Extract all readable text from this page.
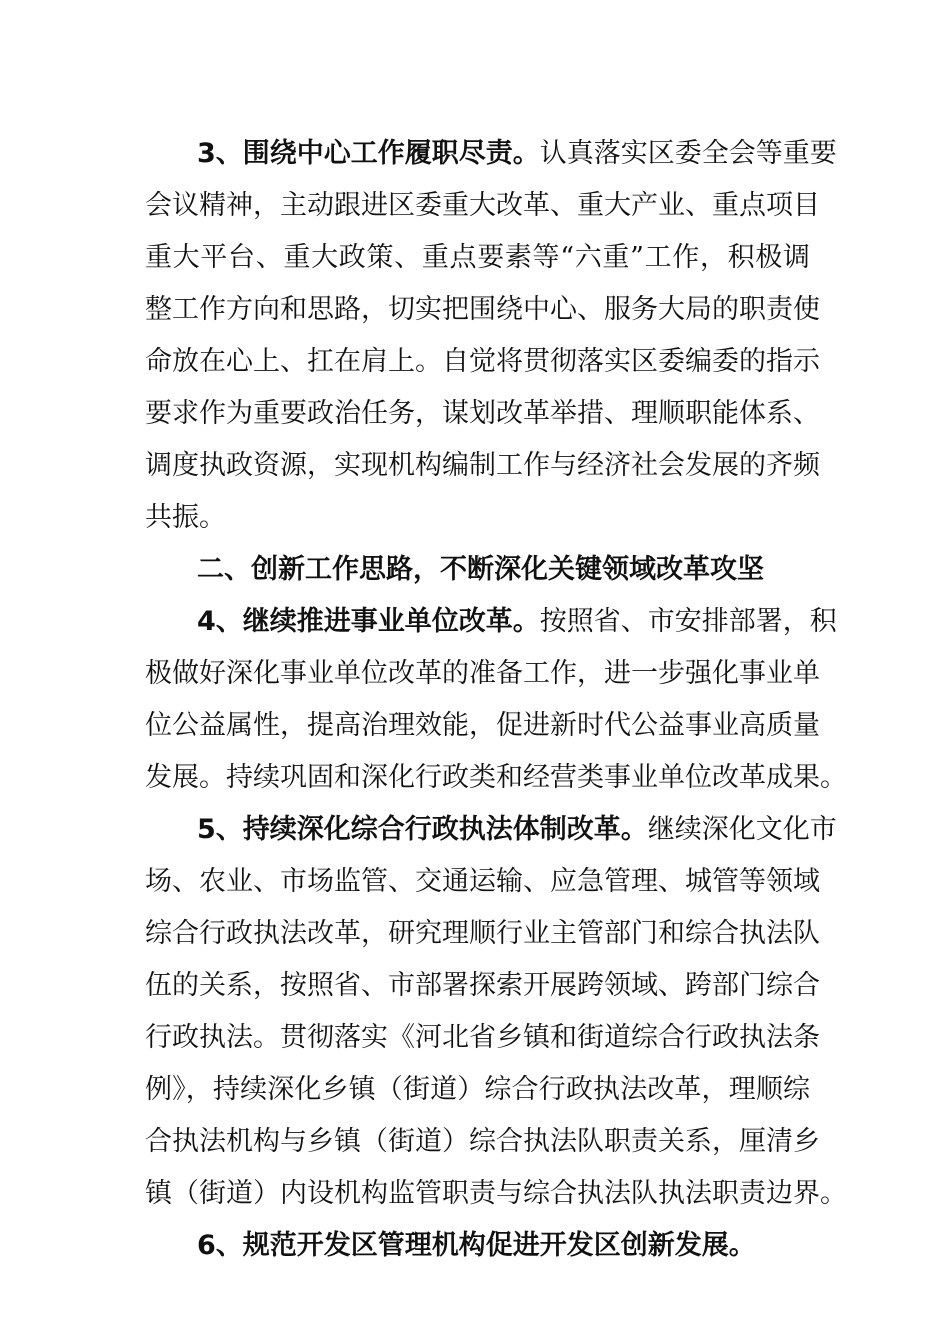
3、围绕中心工作履职尽责。认真落实区委全会等重要
会议精神，主动跟进区委重大改革、重大产业、重点项目
重大平台、重大政策、重点要素等“六重”工作，积极调
整工作方向和思路，切实把围绕中心、服务大局的职责使
命放在心上、扛在肩上。自觉将贯彻落实区委编委的指示
要求作为重要政治任务，谋划改革举措、理顺职能体系、
调度执政资源，实现机构编制工作与经济社会发展的齐频
共振。
二、创新工作思路，不断深化关键领域改革攻坚
4、继续推进事业单位改革。按照省、市安排部署，积
极做好深化事业单位改革的准备工作，进一步强化事业单
位公益属性，提高治理效能，促进新时代公益事业高质量
发展。持续巩固和深化行政类和经营类事业单位改革成果。
5、持续深化综合行政执法体制改革。继续深化文化市
场、农业、市场监管、交通运输、应急管理、城管等领域
综合行政执法改革，研究理顺行业主管部门和综合执法队
伍的关系，按照省、市部署探索开展跨领域、跨部门综合
行政执法。贯彻落实《河北省乡镇和街道综合行政执法条
例》，持续深化乡镇（街道）综合行政执法改革，理顺综
合执法机构与乡镇（街道）综合执法队职责关系，厘清乡
镇（街道）内设机构监管职责与综合执法队执法职责边界。
6、规范开发区管理机构促进开发区创新发展。
